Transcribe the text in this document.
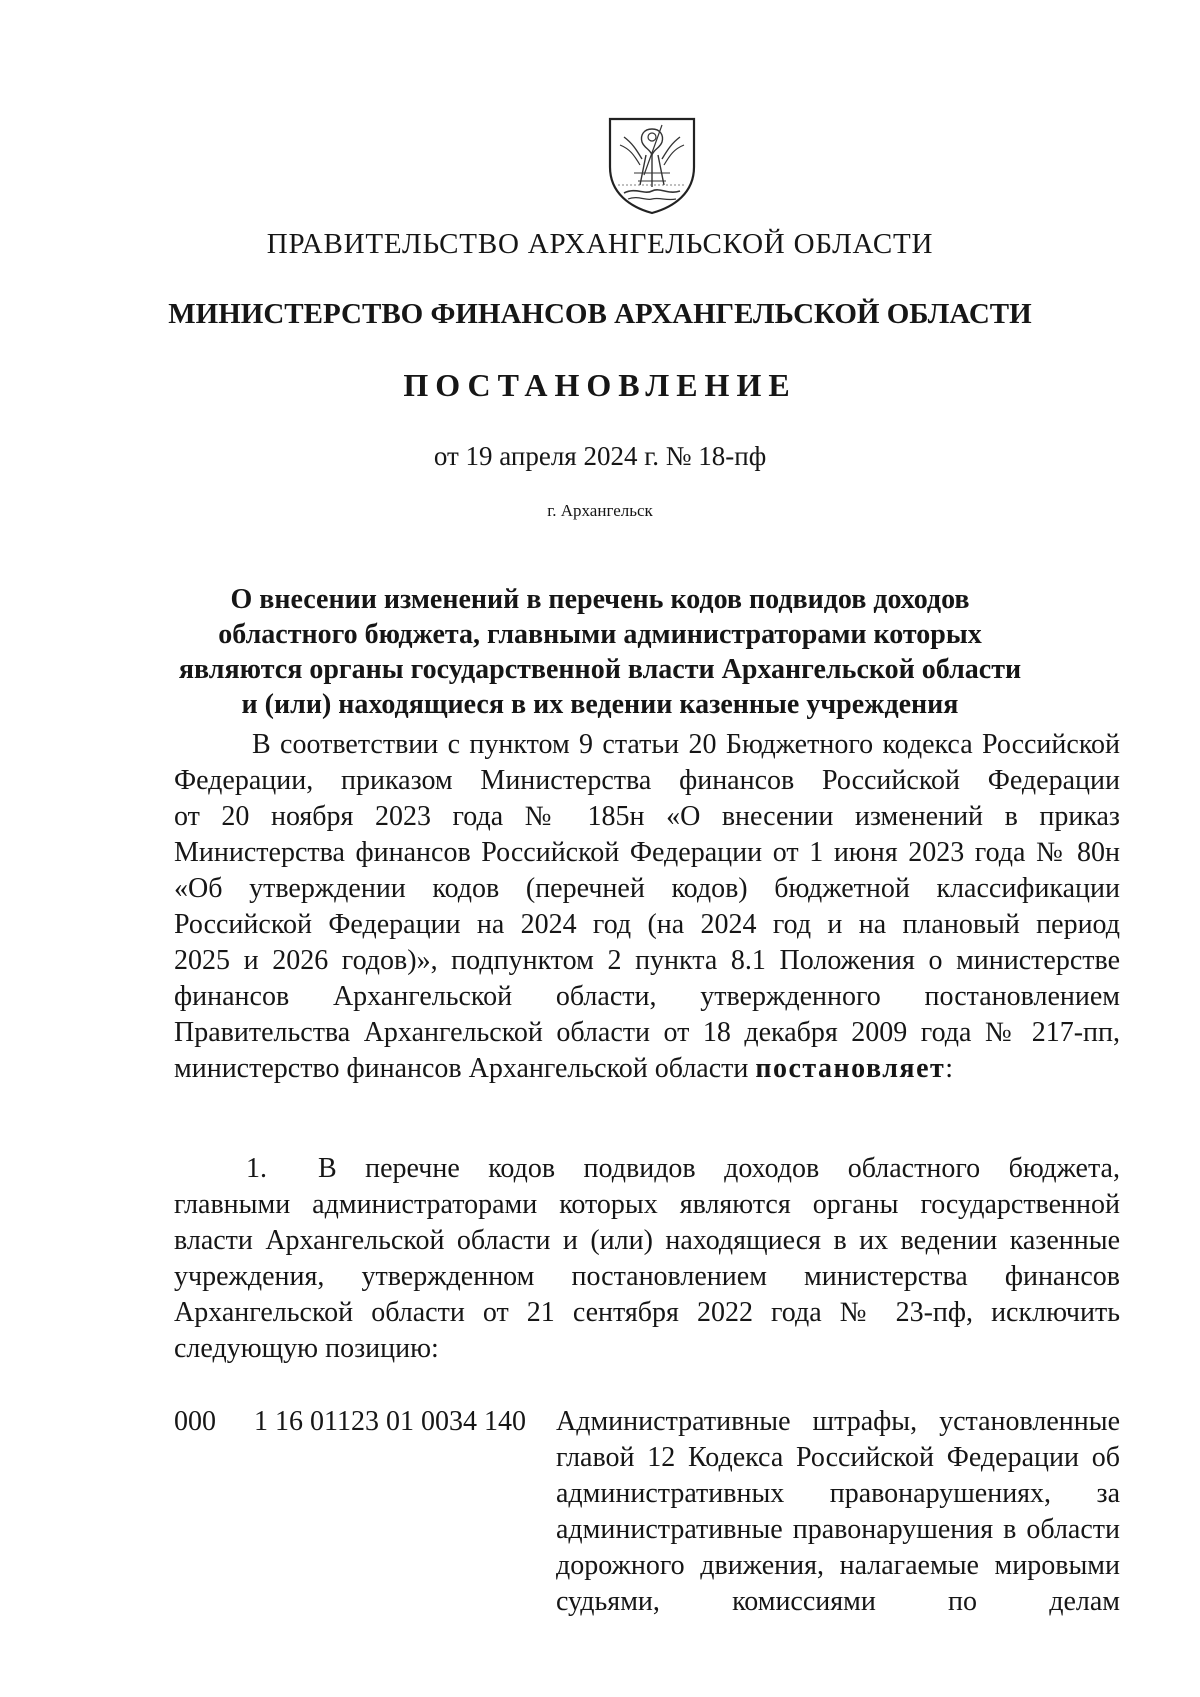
ПРАВИТЕЛЬСТВО АРХАНГЕЛЬСКОЙ ОБЛАСТИ
МИНИСТЕРСТВО ФИНАНСОВ АРХАНГЕЛЬСКОЙ ОБЛАСТИ
ПОСТАНОВЛЕНИЕ
от 19 апреля 2024 г. № 18-пф
г. Архангельск
О внесении изменений в перечень кодов подвидов доходов
областного бюджета, главными администраторами которых
являются органы государственной власти Архангельской области
и (или) находящиеся в их ведении казенные учреждения
В соответствии с пунктом 9 статьи 20 Бюджетного кодекса Российской
Федерации, приказом Министерства финансов Российской Федерации
от 20 ноября 2023 года № 185н «О внесении изменений в приказ
Министерства финансов Российской Федерации от 1 июня 2023 года № 80н
«Об утверждении кодов (перечней кодов) бюджетной классификации
Российской Федерации на 2024 год (на 2024 год и на плановый период
2025 и 2026 годов)», подпунктом 2 пункта 8.1 Положения о министерстве
финансов Архангельской области, утвержденного постановлением
Правительства Архангельской области от 18 декабря 2009 года № 217-пп,
министерство финансов Архангельской области постановляет:
1. В перечне кодов подвидов доходов областного бюджета,
главными администраторами которых являются органы государственной
власти Архангельской области и (или) находящиеся в их ведении казенные
учреждения, утвержденном постановлением министерства финансов
Архангельской области от 21 сентября 2022 года № 23-пф, исключить
следующую позицию:
000 1 16 01123 01 0034 140 Административные штрафы, установленные
главой 12 Кодекса Российской Федерации об
административных правонарушениях, за
административные правонарушения в области
дорожного движения, налагаемые мировыми
судьями, комиссиями по делам
